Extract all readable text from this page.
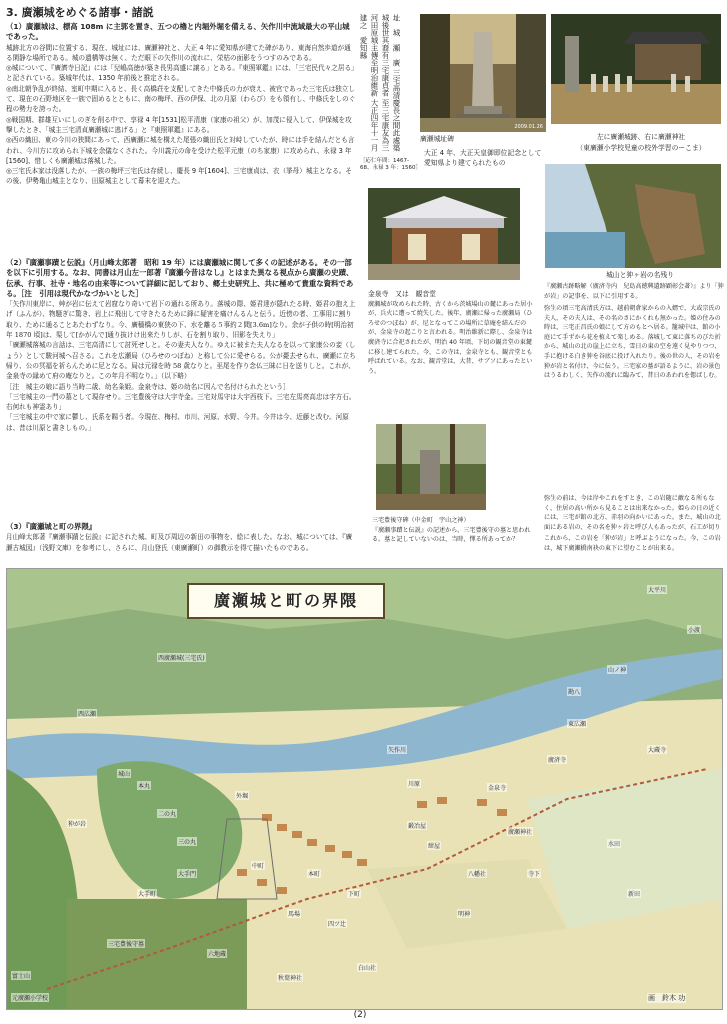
3. 廣瀬城をめぐる諸事・諸説

（1）廣瀬城は、標高 108m に主郭を置き、五つの櫓と内堀外堀を備える、矢作川中流域最大の平山城であった。

城跡北方の谷間に位置する、現在、城址には、廣瀬神社と、大正 4 年に愛知県が建てた碑があり、東海自然歩道が通る閑静な場所である。城の遺構等は無く、ただ眼下の矢作川の流れに、栄枯の面影をうつすのみである。

◎城について、『廣濟寺日記』には「兒嶋高徳が築き長男高盛に譲る」とある。『東照軍鑑』には、「三宅民代々之居る」と記されている。築城年代は、1350 年前後と推定される。

◎南北朝争乱が終結、室町中期に入ると、長く高橋荘を支配してきた中條氏の力が衰え、被官であった三宅氏は独立して、現在の石野地区を一族で固めるとともに、南の梅坪、西の伊保、北の月原（わらび）をも領有し、中條氏をしのぐ程の勢力を誇った。

◎戦国期、群雄互いにしのぎを削る中で、享禄 4 年[1531]松平清康（家康の祖父）が、加茂に侵入して、伊保城を攻撃したとき、「城主三宅清貞廣瀬城に逃げる」と『東照軍鑑』にある。

◎西の織田、東の今川の狭間にあって、西廣瀬に城を構えた尾張の織田氏と対峙していたが、時には手を結んだとも言われ、今川方に攻められ下城を余儀なくされた。今川義元の命を受けた松平元康（のち家康）に攻められ、永禄 3 年[1560]、惜しくも廣瀬城は落城した。

◎三宅氏本家は没落したが、一族の梅坪三宅氏は存続し、慶長 9 年[1604]、三宅康貞は、衣（挙母）城主となる。その後、伊勢亀山城主となり、田原城主として幕末を迎えた。

（2）『廣瀬事蹟と伝説』（月山峰太郎著　昭和 19 年）には廣瀬城に関して多くの記述がある。その一部を以下に引用する。なお、同書は月山左一郎著『廣瀬今昔はなし』とはまた異なる視点から廣瀬の史蹟、伝承、行事、社寺・地名の由来等について詳細に記しており、郷土史研究上、共に極めて貴重な資料である。［注　引用は現代かなづかいとした］

「矢作川東岸に、艸が岩に伝えて岩窟なり奇いて岩下の通れる所あり。落城の際、姫君達が隠れたる時、姫君の抱え上げ（ふんが）、物騒ぎに驚き、岩上に飛出して守きたるために鋒に疑害を痛けんるんと伝う。近傍の者、工事用に割り取り、ために通ることあたわずなり。今、廣穡橋の東狭の下、水を離る５事約２間[3.6m]なり。余が子供の時[明治初年 1870 頃]は、渠して[かがんで]通り抜けけ出来たりしが、石を割り取り、旧影を失えり」

「廣瀬城落城の言話は、三宅高清にして討死せしと。その妻夫人なり。ゆえに被また夫人なるを以って家康公の妾（しょう）として駿河城へ召さる。これを広瀬局（ひろせのつぼね）と称して公に愛せらる。公が薨去せられ、廣瀬に立ち帰り、公の冥福を祈らんために尼となる。局は元禄を時 58 歳なりと。巫尾を作り念仏三昧に日を送りしと。これが、金泉寺の縁めて府の庵なりと。この年月不明なり。」（以下略）

［注　城主の娘に語り当時二歳、幼名粂姫。金泉寺は、姫の幼名に因んで名付けられたという］

「三宅城主の一門の墓として現存せり。三宅豊後守は大宇寺金。三宅対馬守は大宇西枝下。三宅左馬亮高忠は字方石。右何れも神霊あり」

「三宅城主の中で家に鬱し、氏系を賜う者。今現在、梅村、市川、河原、水野、今井。今井は今、近藤と改む。河原は、昔は川原と書きしもの。」

（3）『廣瀬城と町の界隈』

月山峰太郎著『廣瀬事蹟と伝説』に記された城、町及び周辺の新田の事物を、絵に表した。なお、城については、『廣瀬古城図』（浅野文庫）を参考にし、さらに、月山登氏（東廣瀬町）の御教示を得て描いたものである。

址　城　瀬　廣 三宅高清慶長之間此處築城後世其裔有三宅康貞者 至三宅康友為三河田原城主傳至明治維新 大正四年十一月建之　愛知縣
［応仁年間：1467-68、永禄 3 年：1560］
2009.01.26
廣瀬城址碑
大正 4 年、大正天皇御即位記念として愛知県より建てられたもの
左に廣瀬城跡、右に廣瀬神社
（東廣瀬小学校児童の校外学習のーこま）
金泉寺　又は　観音堂
廣瀬城が攻められた時、古くから茨城場山の麓にあった居小が、兵火に遭って焼失した。後年、廣瀬に帰った廣瀬局（ひろせのつぼね）が、尼となってこの場所に草庵を結んだのが、金泉寺の起こりと言われる。明治維新に際し、金泉寺は廣済寺に合祀されたが、明治 40 年頃、下切の観音堂の東麓に移し建てられた。今、この寺は、金泉寺とも、観音堂とも呼ばれている。なお、観音堂は、大昔、サブソにあったという。
城山と狆ヶ岩の名残り
『廣瀬古跡略解（廣済寺内　兒島高徳興遺跡顕彰会著）』より「狆が岩」の記事を、以下に引用する。
弥生の頃三宅高清氏方は、越前朝倉家からの入婿で、大或宗氏の夫人、その夫人は、その名のさにかくれも無かった。姫の住みの時は、三宅正昌氏の娘にして方のもとへ居る。籠城中は、館の小庭にて手ずから花を植えて楽しめる。落城して東に落ちのびた折から、城山の北の崖上に立ち、雪日の東の空を遠く見やりつつ、手に抱ける白き狆を谷底に投げ入れたり。後の世の人、その岩を狆が岩と名付け、今に伝う。三宅家の墓が語るように、岩の景色はうるわしく、矢作の流れに臨みて、昔日のあわれを偲ばしむ。
弥生の前は、今は岸やこれをすとき、この岩随に敵なる所もなく、住居の高い所から見ることは出来なかった。姫らの日の近くには、三宅が館の北方、赤羽の向かいにあった。また、城山の北面にある岩の、その名を狆ヶ岩と呼び人もあったが、石工が切り
これから、この岩を「狆が岩」と呼ぶようになった。今、この岩は、城下廣瀬橋南袂の東下に望むことが出来る。
三宅豊後守碑（中金町　宇山之神）
『廣瀬事蹟と伝説』の記述から、三宅豊後守の墓と思われる。墓と記していないのは、当時、憚る所あってか？
廣瀬城と町の界隈
西廣瀬城(三宅氏)
大平川
勘八
矢作川
本丸
二の丸
三の丸
外堀
大手門
大手町
中町
本町
下町
廣済寺
金泉寺
廣瀬神社
鍛冶屋
紺屋	水田
新田
山ノ神
白山社
秋葉神社
明神
狆が岩
東広瀬
西広瀬
小渡
三宅豊後守墓
四ツ辻
六地蔵
大蔵寺
寺下
川原
城山
馬場
八幡社
富士山
元廣瀬小学校	画　鈴木 功
(2)
